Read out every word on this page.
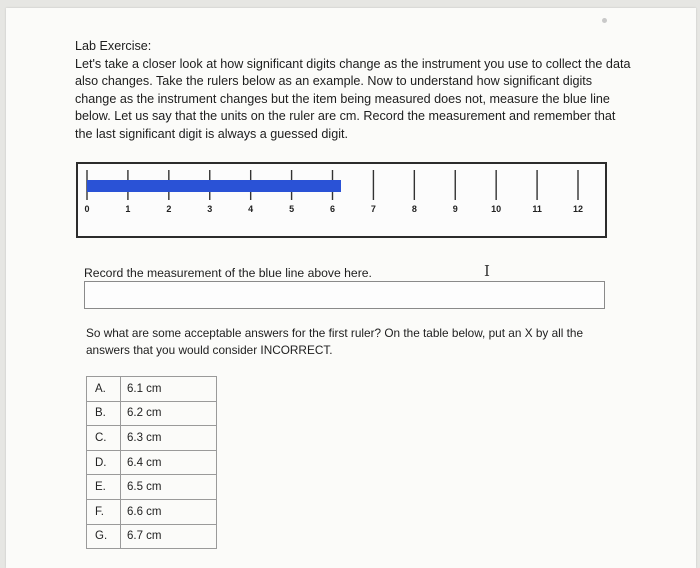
Lab Exercise:
Let's take a closer look at how significant digits change as the instrument you use to collect the data also changes. Take the rulers below as an example. Now to understand how significant digits change as the instrument changes but the item being measured does not, measure the blue line below. Let us say that the units on the ruler are cm. Record the measurement and remember that the last significant digit is always a guessed digit.
0	1	2	3	4	5	6	7	8	9	10	11	12
Record the measurement of the blue line above here.	I
So what are some acceptable answers for the first ruler? On the table below, put an X by all the answers that you would consider INCORRECT.
A.	6.1 cm
B.	6.2 cm
C.	6.3 cm
D.	6.4 cm
E.	6.5 cm
F.	6.6 cm
G.	6.7 cm
